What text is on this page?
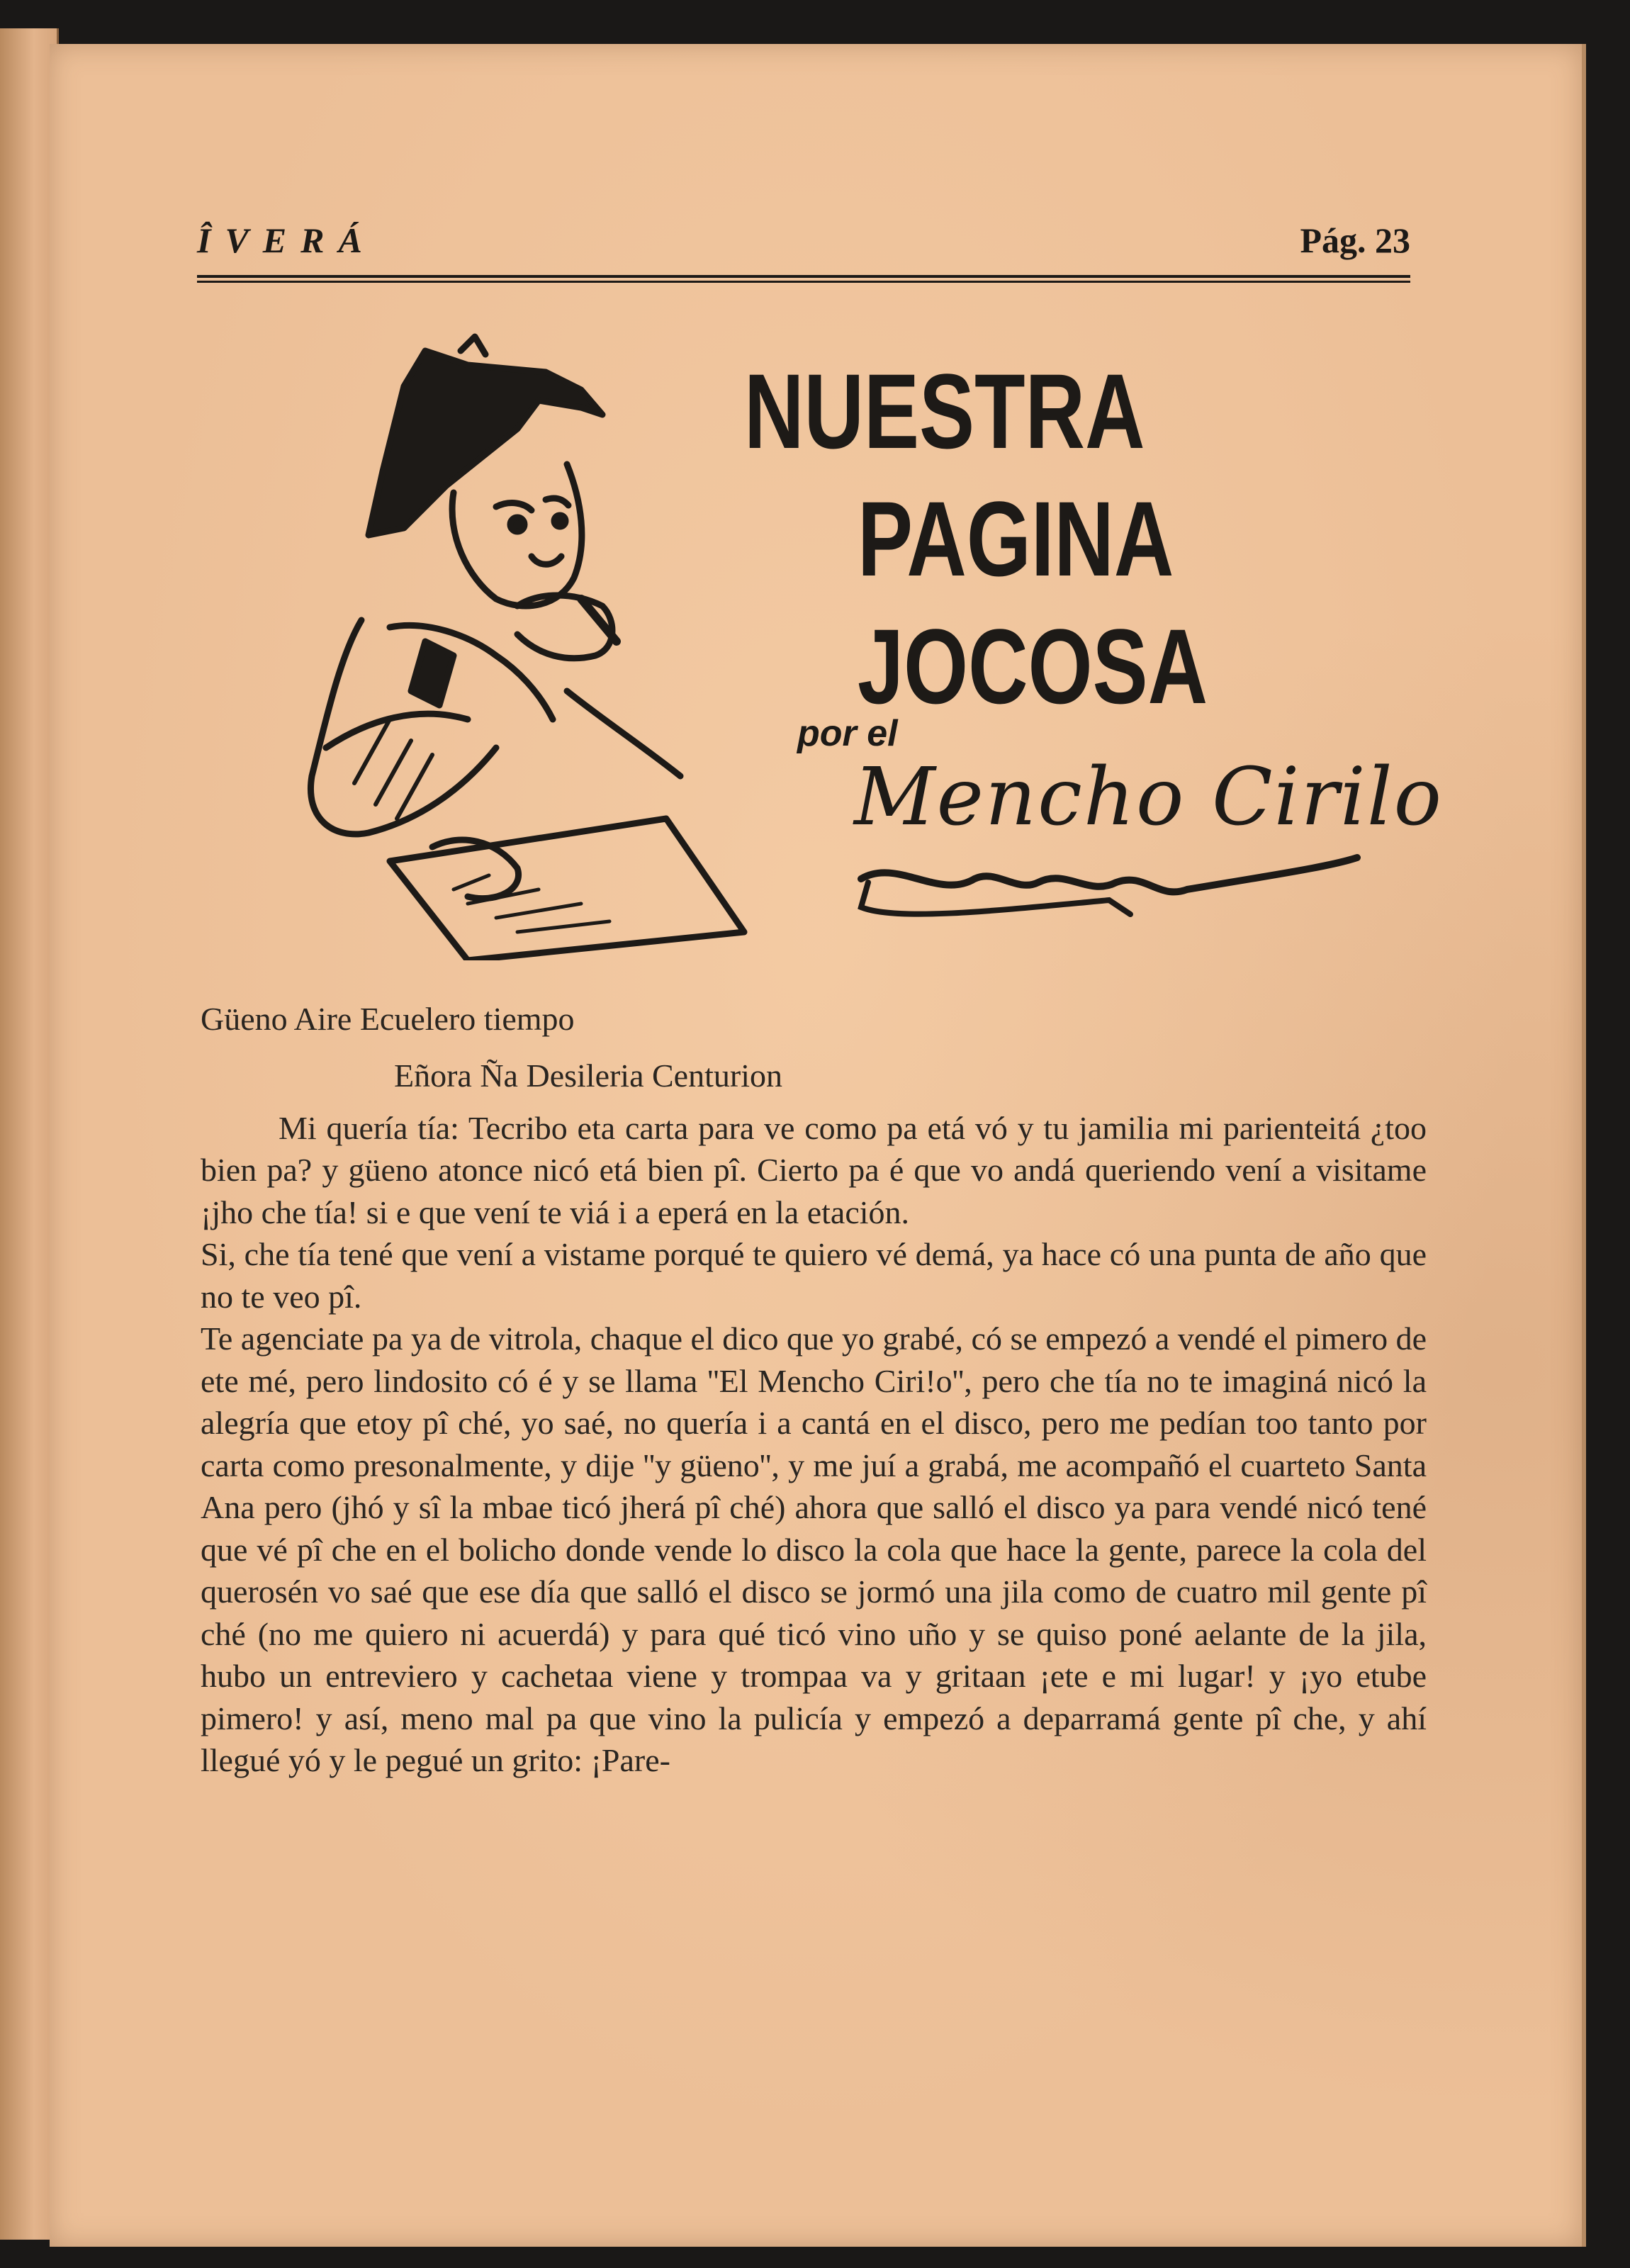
ÎVERÁ	Pág. 23
NUESTRA
PAGINA
JOCOSA
por el
Mencho Cirilo

Güeno Aire Ecuelero tiempo

Eñora Ña Desileria Centurion

Mi quería tía: Tecribo eta carta para ve como pa etá vó y tu jamilia mi parienteitá ¿too bien pa? y güeno atonce nicó etá bien pî. Cierto pa é que vo andá queriendo vení a visitame ¡jho che tía! si e que vení te viá i a eperá en la etación.

Si, che tía tené que vení a vistame porqué te quiero vé demá, ya hace có una punta de año que no te veo pî.

Te agenciate pa ya de vitrola, chaque el dico que yo grabé, có se empezó a vendé el pimero de ete mé, pero lindosito có é y se llama ''El Mencho Ciri!o'', pero che tía no te imaginá nicó la alegría que etoy pî ché, yo saé, no quería i a cantá en el disco, pero me pedían too tanto por carta como presonalmente, y dije ''y güeno'', y me juí a grabá, me acompañó el cuarteto Santa Ana pero (jhó y sî la mbae ticó jherá pî ché) ahora que salló el disco ya para vendé nicó tené que vé pî che en el bolicho donde vende lo disco la cola que hace la gente, parece la cola del querosén vo saé que ese día que salló el disco se jormó una jila como de cuatro mil gente pî ché (no me quiero ni acuerdá) y para qué ticó vino uño y se quiso poné aelante de la jila, hubo un entreviero y cachetaa viene y trompaa va y gritaan ¡ete e mi lugar! y ¡yo etube pimero! y así, meno mal pa que vino la pulicía y empezó a deparramá gente pî che, y ahí llegué yó y le pegué un grito: ¡Pare-
